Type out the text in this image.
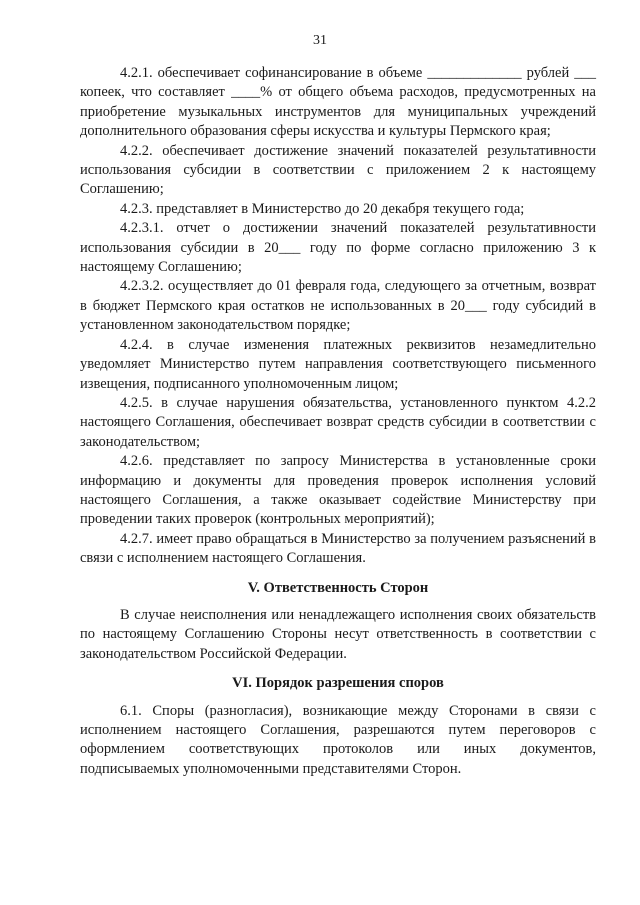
31

4.2.1. обеспечивает софинансирование в объеме _____________ рублей ___ копеек, что составляет ____% от общего объема расходов, предусмотренных на приобретение музыкальных инструментов для муниципальных учреждений дополнительного образования сферы искусства и культуры Пермского края;

4.2.2. обеспечивает достижение значений показателей результативности использования субсидии в соответствии с приложением 2 к настоящему Соглашению;

4.2.3. представляет в Министерство до 20 декабря текущего года;

4.2.3.1. отчет о достижении значений показателей результативности использования субсидии в 20___ году по форме согласно приложению 3 к настоящему Соглашению;

4.2.3.2. осуществляет до 01 февраля года, следующего за отчетным, возврат в бюджет Пермского края остатков не использованных в 20___ году субсидий в установленном законодательством порядке;

4.2.4. в случае изменения платежных реквизитов незамедлительно уведомляет Министерство путем направления соответствующего письменного извещения, подписанного уполномоченным лицом;

4.2.5. в случае нарушения обязательства, установленного пунктом 4.2.2 настоящего Соглашения, обеспечивает возврат средств субсидии в соответствии с законодательством;

4.2.6. представляет по запросу Министерства в установленные сроки информацию и документы для проведения проверок исполнения условий настоящего Соглашения, а также оказывает содействие Министерству при проведении таких проверок (контрольных мероприятий);

4.2.7. имеет право обращаться в Министерство за получением разъяснений в связи с исполнением настоящего Соглашения.

V. Ответственность Сторон

В случае неисполнения или ненадлежащего исполнения своих обязательств по настоящему Соглашению Стороны несут ответственность в соответствии с законодательством Российской Федерации.

VI. Порядок разрешения споров

6.1. Споры (разногласия), возникающие между Сторонами в связи с исполнением настоящего Соглашения, разрешаются путем переговоров с оформлением соответствующих протоколов или иных документов, подписываемых уполномоченными представителями Сторон.
